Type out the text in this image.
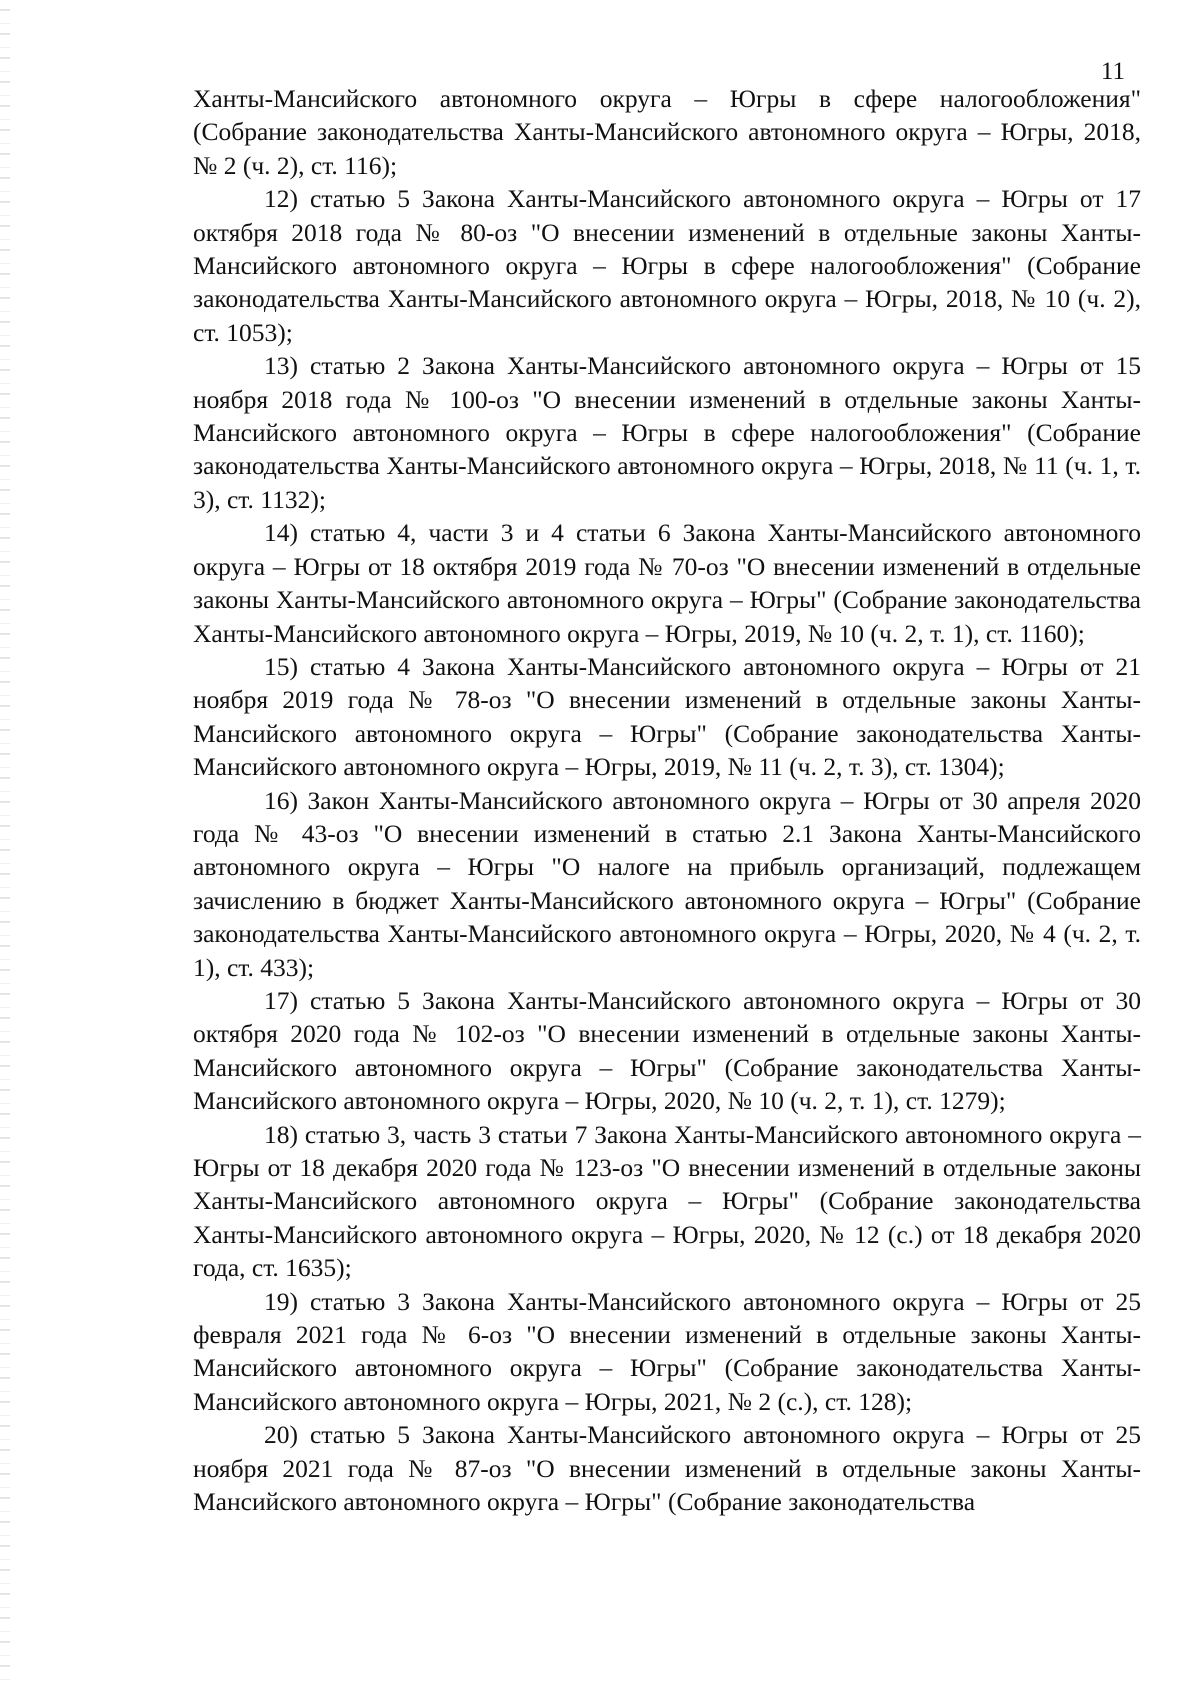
11

Ханты-Мансийского автономного округа – Югры в сфере налогообложения" (Собрание законодательства Ханты-Мансийского автономного округа – Югры, 2018, № 2 (ч. 2), ст. 116);

12) статью 5 Закона Ханты-Мансийского автономного округа – Югры от 17 октября 2018 года № 80-оз "О внесении изменений в отдельные законы Ханты-Мансийского автономного округа – Югры в сфере налогообложения" (Собрание законодательства Ханты-Мансийского автономного округа – Югры, 2018, № 10 (ч. 2), ст. 1053);

13) статью 2 Закона Ханты-Мансийского автономного округа – Югры от 15 ноября 2018 года № 100-оз "О внесении изменений в отдельные законы Ханты-Мансийского автономного округа – Югры в сфере налогообложения" (Собрание законодательства Ханты-Мансийского автономного округа – Югры, 2018, № 11 (ч. 1, т. 3), ст. 1132);

14) статью 4, части 3 и 4 статьи 6 Закона Ханты-Мансийского автономного округа – Югры от 18 октября 2019 года № 70-оз "О внесении изменений в отдельные законы Ханты-Мансийского автономного округа – Югры" (Собрание законодательства Ханты-Мансийского автономного округа – Югры, 2019, № 10 (ч. 2, т. 1), ст. 1160);

15) статью 4 Закона Ханты-Мансийского автономного округа – Югры от 21 ноября 2019 года № 78-оз "О внесении изменений в отдельные законы Ханты-Мансийского автономного округа – Югры" (Собрание законодательства Ханты-Мансийского автономного округа – Югры, 2019, № 11 (ч. 2, т. 3), ст. 1304);

16) Закон Ханты-Мансийского автономного округа – Югры от 30 апреля 2020 года № 43-оз "О внесении изменений в статью 2.1 Закона Ханты-Мансийского автономного округа – Югры "О налоге на прибыль организаций, подлежащем зачислению в бюджет Ханты-Мансийского автономного округа – Югры" (Собрание законодательства Ханты-Мансийского автономного округа – Югры, 2020, № 4 (ч. 2, т. 1), ст. 433);

17) статью 5 Закона Ханты-Мансийского автономного округа – Югры от 30 октября 2020 года № 102-оз "О внесении изменений в отдельные законы Ханты-Мансийского автономного округа – Югры" (Собрание законодательства Ханты-Мансийского автономного округа – Югры, 2020, № 10 (ч. 2, т. 1), ст. 1279);

18) статью 3, часть 3 статьи 7 Закона Ханты-Мансийского автономного округа – Югры от 18 декабря 2020 года № 123-оз "О внесении изменений в отдельные законы Ханты-Мансийского автономного округа – Югры" (Собрание законодательства Ханты-Мансийского автономного округа – Югры, 2020, № 12 (с.) от 18 декабря 2020 года, ст. 1635);

19) статью 3 Закона Ханты-Мансийского автономного округа – Югры от 25 февраля 2021 года № 6-оз "О внесении изменений в отдельные законы Ханты-Мансийского автономного округа – Югры" (Собрание законодательства Ханты-Мансийского автономного округа – Югры, 2021, № 2 (с.), ст. 128);

20) статью 5 Закона Ханты-Мансийского автономного округа – Югры от 25 ноября 2021 года № 87-оз "О внесении изменений в отдельные законы Ханты-Мансийского автономного округа – Югры" (Собрание законодательства
